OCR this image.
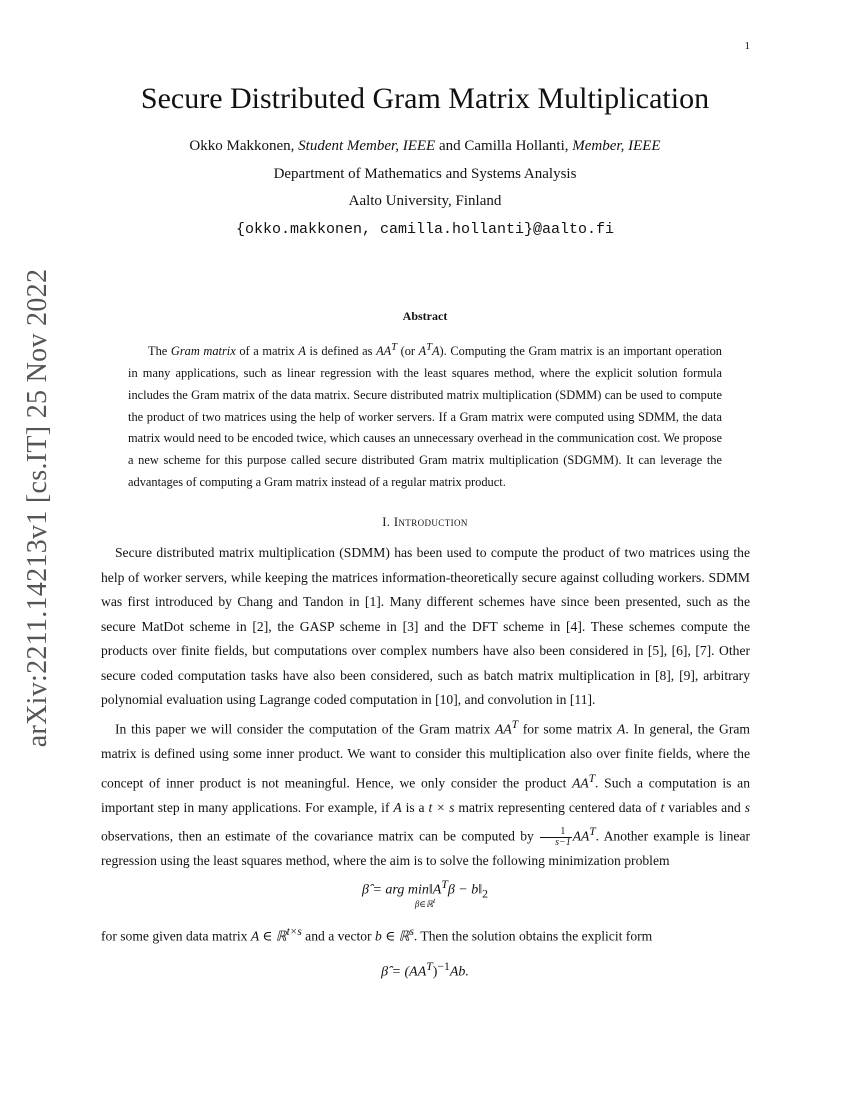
1
arXiv:2211.14213v1 [cs.IT] 25 Nov 2022
Secure Distributed Gram Matrix Multiplication
Okko Makkonen, Student Member, IEEE and Camilla Hollanti, Member, IEEE
Department of Mathematics and Systems Analysis
Aalto University, Finland
{okko.makkonen, camilla.hollanti}@aalto.fi
Abstract

The Gram matrix of a matrix A is defined as $AA^T$ (or $A^TA$). Computing the Gram matrix is an important operation in many applications, such as linear regression with the least squares method, where the explicit solution formula includes the Gram matrix of the data matrix. Secure distributed matrix multiplication (SDMM) can be used to compute the product of two matrices using the help of worker servers. If a Gram matrix were computed using SDMM, the data matrix would need to be encoded twice, which causes an unnecessary overhead in the communication cost. We propose a new scheme for this purpose called secure distributed Gram matrix multiplication (SDGMM). It can leverage the advantages of computing a Gram matrix instead of a regular matrix product.

I. Introduction

Secure distributed matrix multiplication (SDMM) has been used to compute the product of two matrices using the help of worker servers, while keeping the matrices information-theoretically secure against colluding workers. SDMM was first introduced by Chang and Tandon in [1]. Many different schemes have since been presented, such as the secure MatDot scheme in [2], the GASP scheme in [3] and the DFT scheme in [4]. These schemes compute the products over finite fields, but computations over complex numbers have also been considered in [5], [6], [7]. Other secure coded computation tasks have also been considered, such as batch matrix multiplication in [8], [9], arbitrary polynomial evaluation using Lagrange coded computation in [10], and convolution in [11].

In this paper we will consider the computation of the Gram matrix $AA^T$ for some matrix A. In general, the Gram matrix is defined using some inner product. We want to consider this multiplication also over finite fields, where the concept of inner product is not meaningful. Hence, we only consider the product $AA^T$. Such a computation is an important step in many applications. For example, if A is a t × s matrix representing centered data of t variables and s observations, then an estimate of the covariance matrix can be computed by $\frac{1}{s-1} AA^T$. Another example is linear regression using the least squares method, where the aim is to solve the following minimization problem

β̂ = arg $\min‖A^T\beta$ − $b‖_2$
β∈ℝ$^t$

for some given data matrix A ∈ ℝ$^{t\times s}$ and a vector b ∈ ℝ$^s$. Then the solution obtains the explicit form

β̂ = $(AA^T)^{-1}Ab$.
